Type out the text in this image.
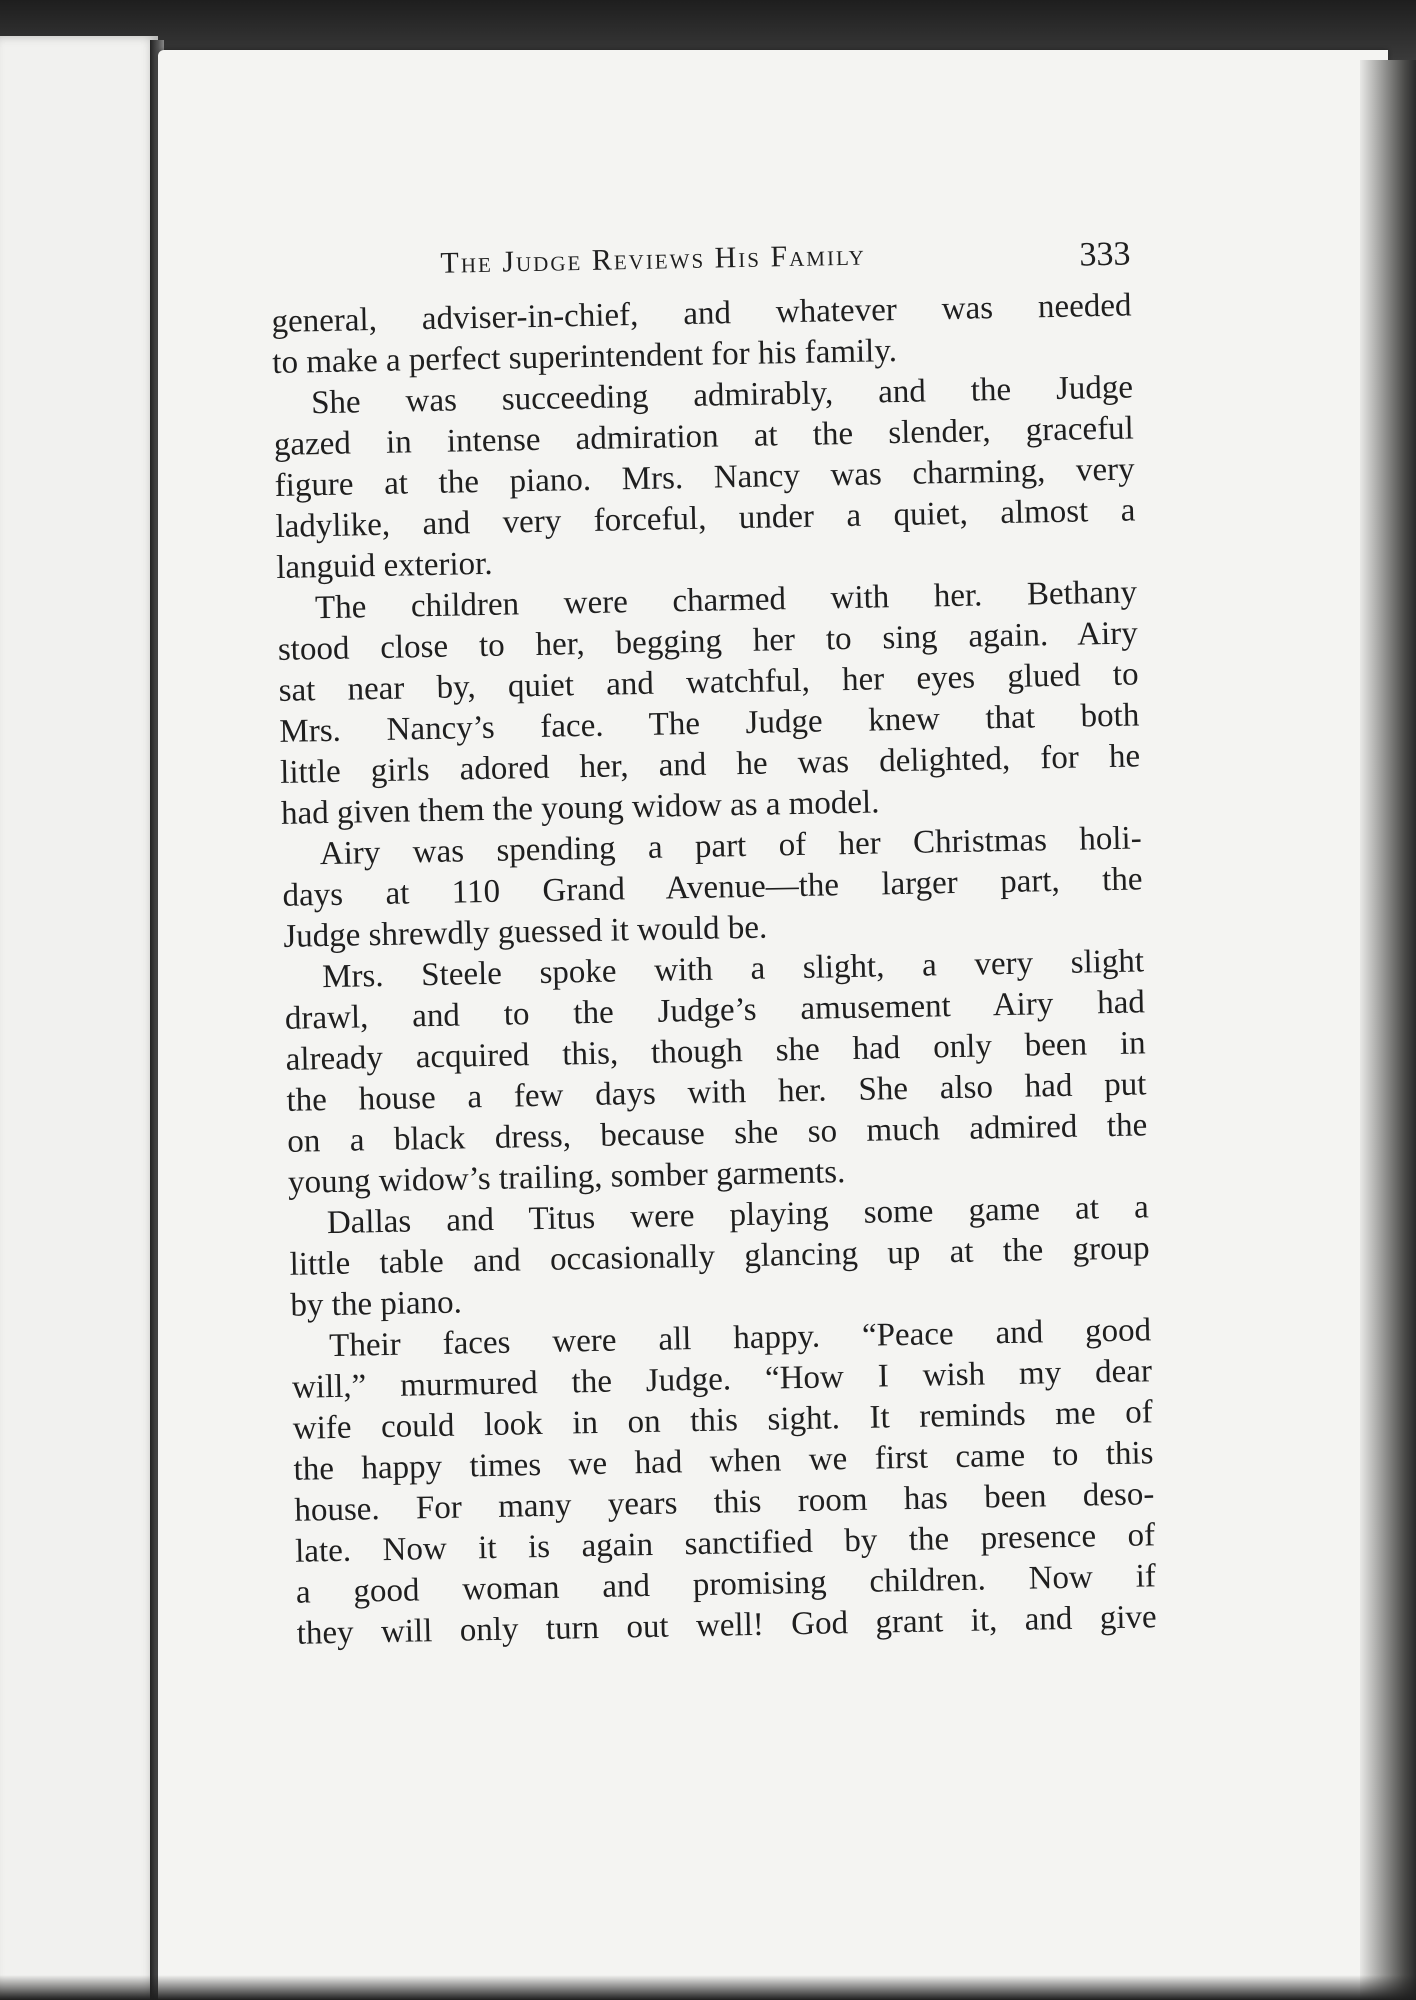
The Judge Reviews His Family	333
general, adviser-in-chief, and whatever was needed
to make a perfect superintendent for his family.
She was succeeding admirably, and the Judge
gazed in intense admiration at the slender, graceful
figure at the piano. Mrs. Nancy was charming, very
ladylike, and very forceful, under a quiet, almost a
languid exterior.
The children were charmed with her. Bethany
stood close to her, begging her to sing again. Airy
sat near by, quiet and watchful, her eyes glued to
Mrs. Nancy’s face. The Judge knew that both
little girls adored her, and he was delighted, for he
had given them the young widow as a model.
Airy was spending a part of her Christmas holi-
days at 110 Grand Avenue—the larger part, the
Judge shrewdly guessed it would be.
Mrs. Steele spoke with a slight, a very slight
drawl, and to the Judge’s amusement Airy had
already acquired this, though she had only been in
the house a few days with her. She also had put
on a black dress, because she so much admired the
young widow’s trailing, somber garments.
Dallas and Titus were playing some game at a
little table and occasionally glancing up at the group
by the piano.
Their faces were all happy. “Peace and good
will,” murmured the Judge. “How I wish my dear
wife could look in on this sight. It reminds me of
the happy times we had when we first came to this
house. For many years this room has been deso-
late. Now it is again sanctified by the presence of
a good woman and promising children. Now if
they will only turn out well! God grant it, and give
